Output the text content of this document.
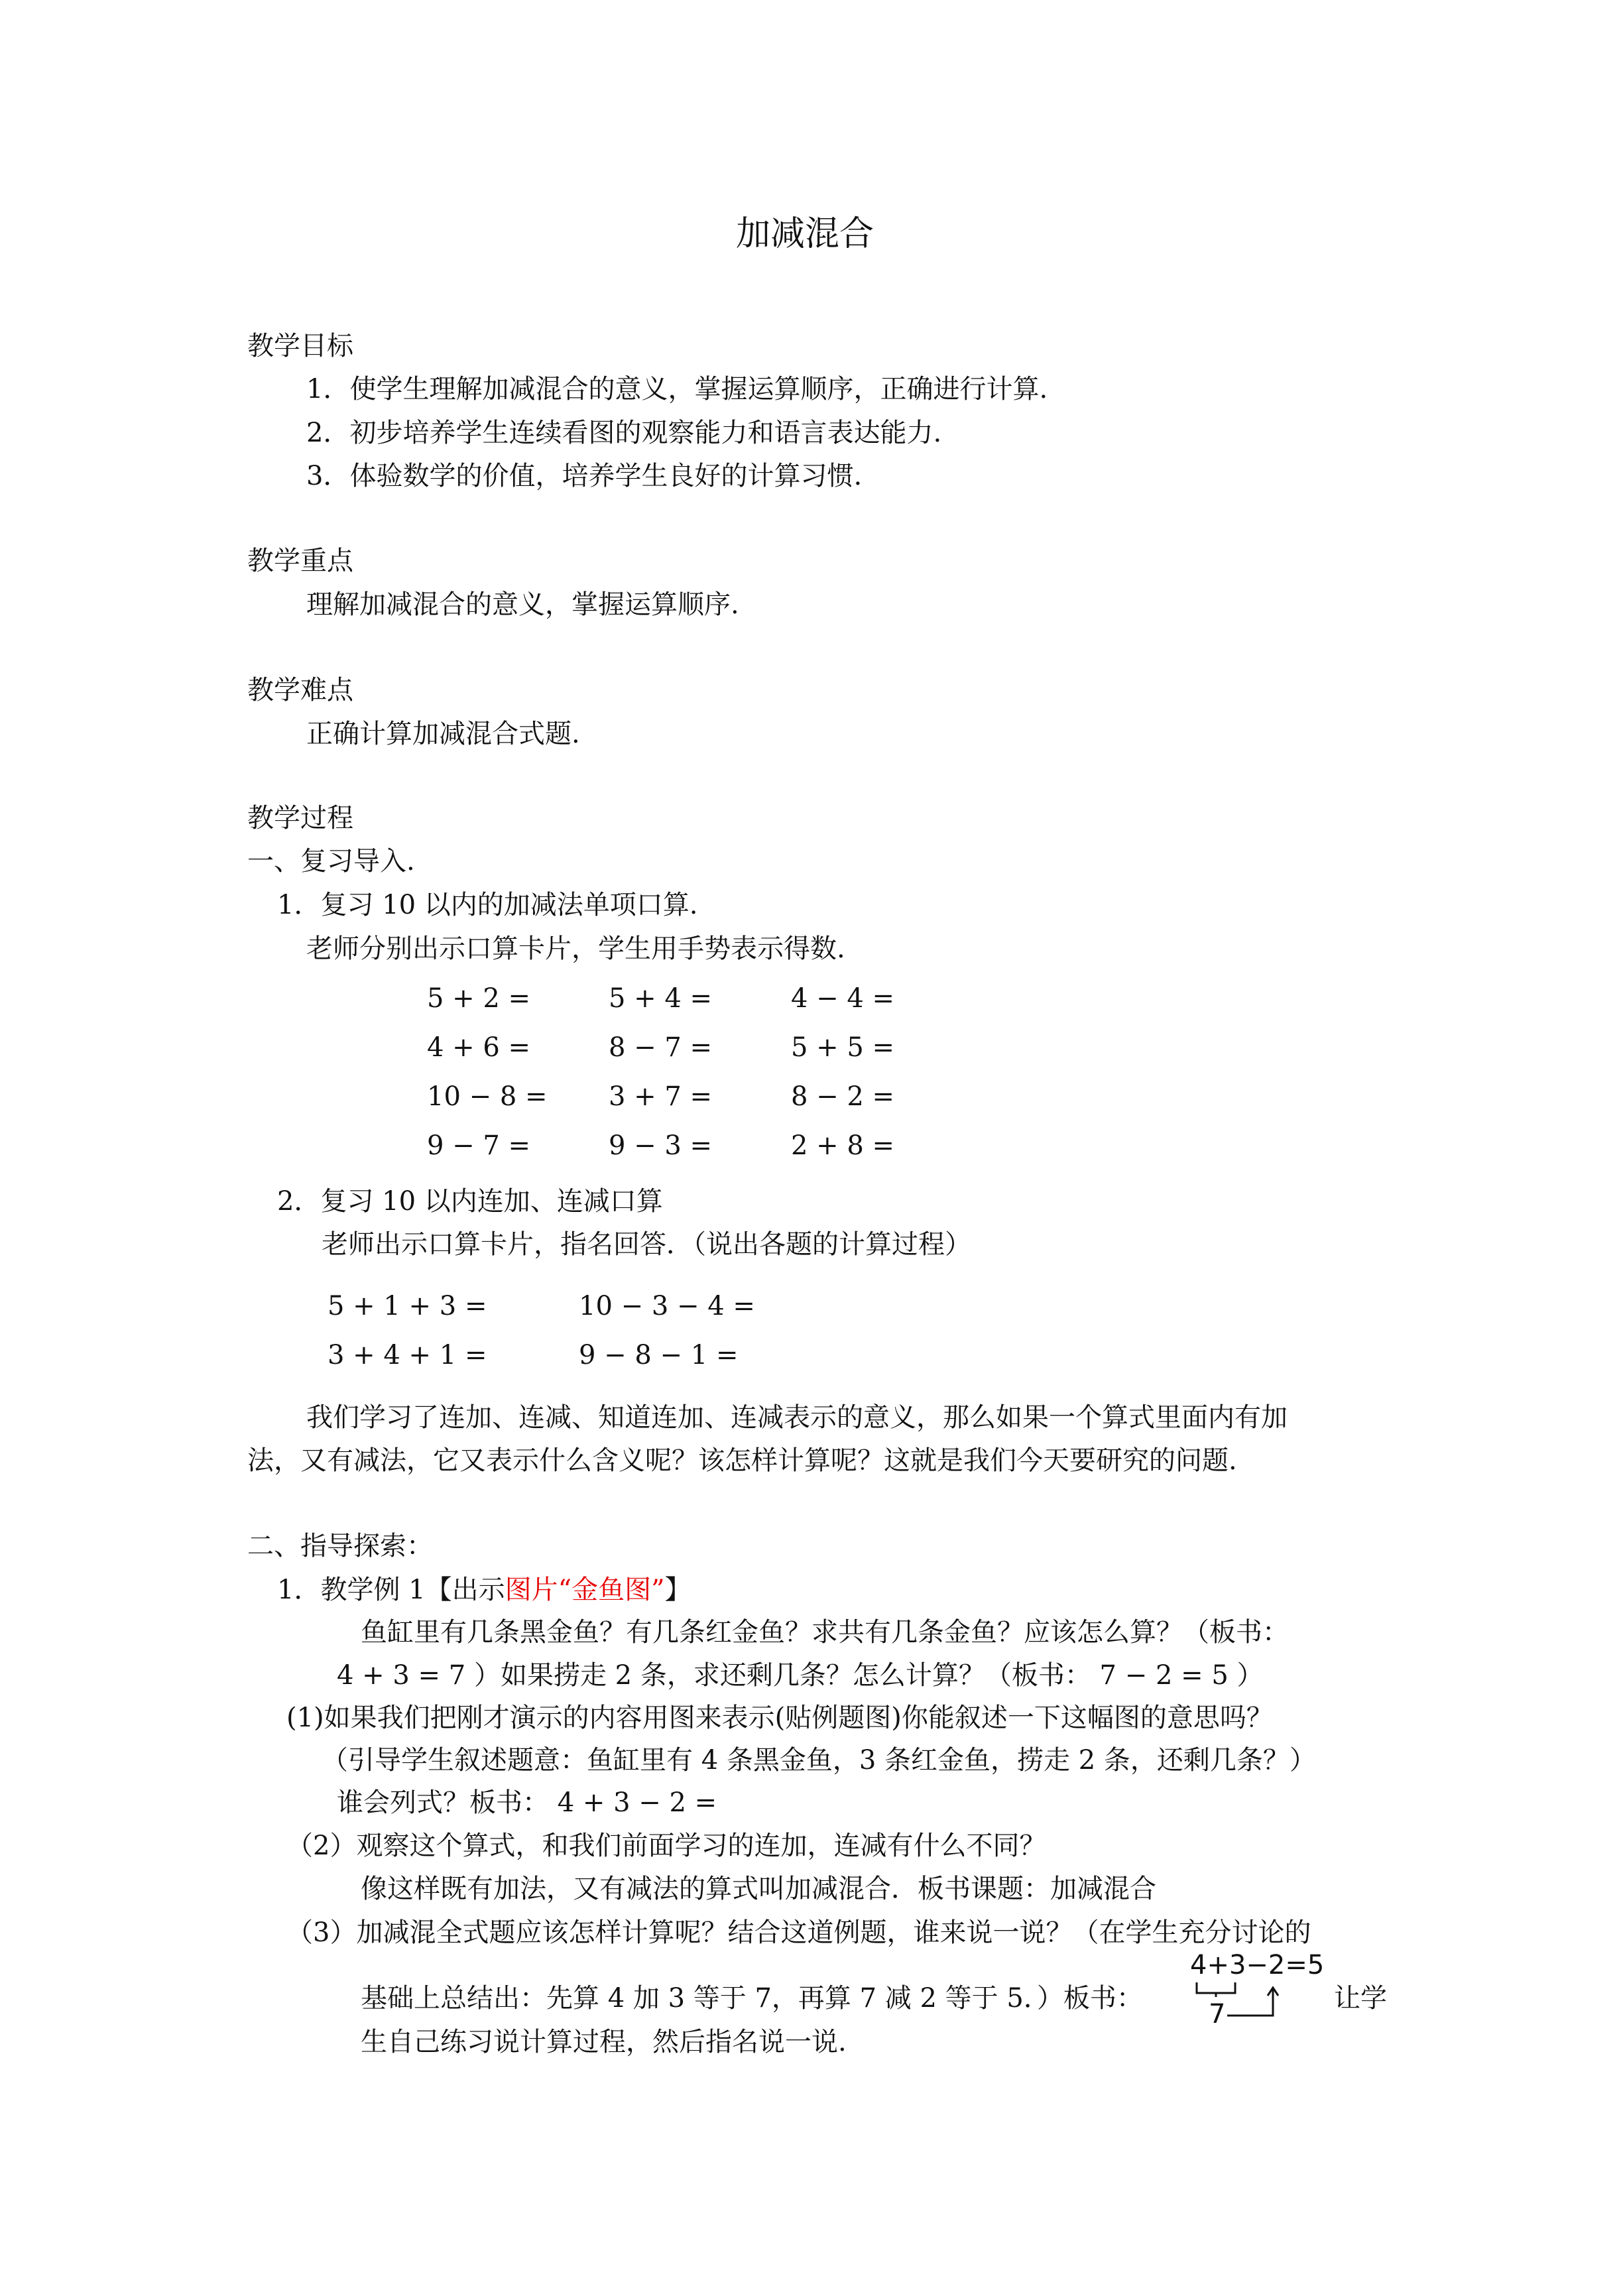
加减混合
教学目标
1．使学生理解加减混合的意义，掌握运算顺序，正确进行计算.
2．初步培养学生连续看图的观察能力和语言表达能力.
3．体验数学的价值，培养学生良好的计算习惯.
教学重点
理解加减混合的意义，掌握运算顺序.
教学难点
正确计算加减混合式题.
教学过程
一、复习导入.
1．复习 10 以内的加减法单项口算.
老师分别出示口算卡片，学生用手势表示得数.
5 + 2 =	5 + 4 =	4 − 4 =
4 + 6 =	8 − 7 =	5 + 5 =
10 − 8 = 3 + 7 =	8 − 2 =
9 − 7 =	9 − 3 =	2 + 8 =
2．复习 10 以内连加、连减口算
老师出示口算卡片，指名回答．（说出各题的计算过程）
5 + 1 + 3 =	10 − 3 − 4 =
3 + 4 + 1 =	9 − 8 − 1 =
我们学习了连加、连减、知道连加、连减表示的意义，那么如果一个算式里面内有加
法，又有减法，它又表示什么含义呢？该怎样计算呢？这就是我们今天要研究的问题.
二、指导探索：
1．教学例 1【出示图片“金鱼图”】
鱼缸里有几条黑金鱼？有几条红金鱼？求共有几条金鱼？应该怎么算？（板书：
4 + 3 = 7 ）如果捞走 2 条，求还剩几条？怎么计算？（板书： 7 − 2 = 5 ）
(1)如果我们把刚才演示的内容用图来表示(贴例题图)你能叙述一下这幅图的意思吗？
（引导学生叙述题意：鱼缸里有 4 条黑金鱼，3 条红金鱼，捞走 2 条，还剩几条？）
谁会列式？板书： 4 + 3 − 2 =
（2）观察这个算式，和我们前面学习的连加，连减有什么不同？
像这样既有加法，又有减法的算式叫加减混合．板书课题：加减混合
（3）加减混全式题应该怎样计算呢？结合这道例题，谁来说一说？（在学生充分讨论的
4+3−2=5
7
基础上总结出：先算 4 加 3 等于 7，再算 7 减 2 等于 5．）板书：	让学
生自己练习说计算过程，然后指名说一说.
